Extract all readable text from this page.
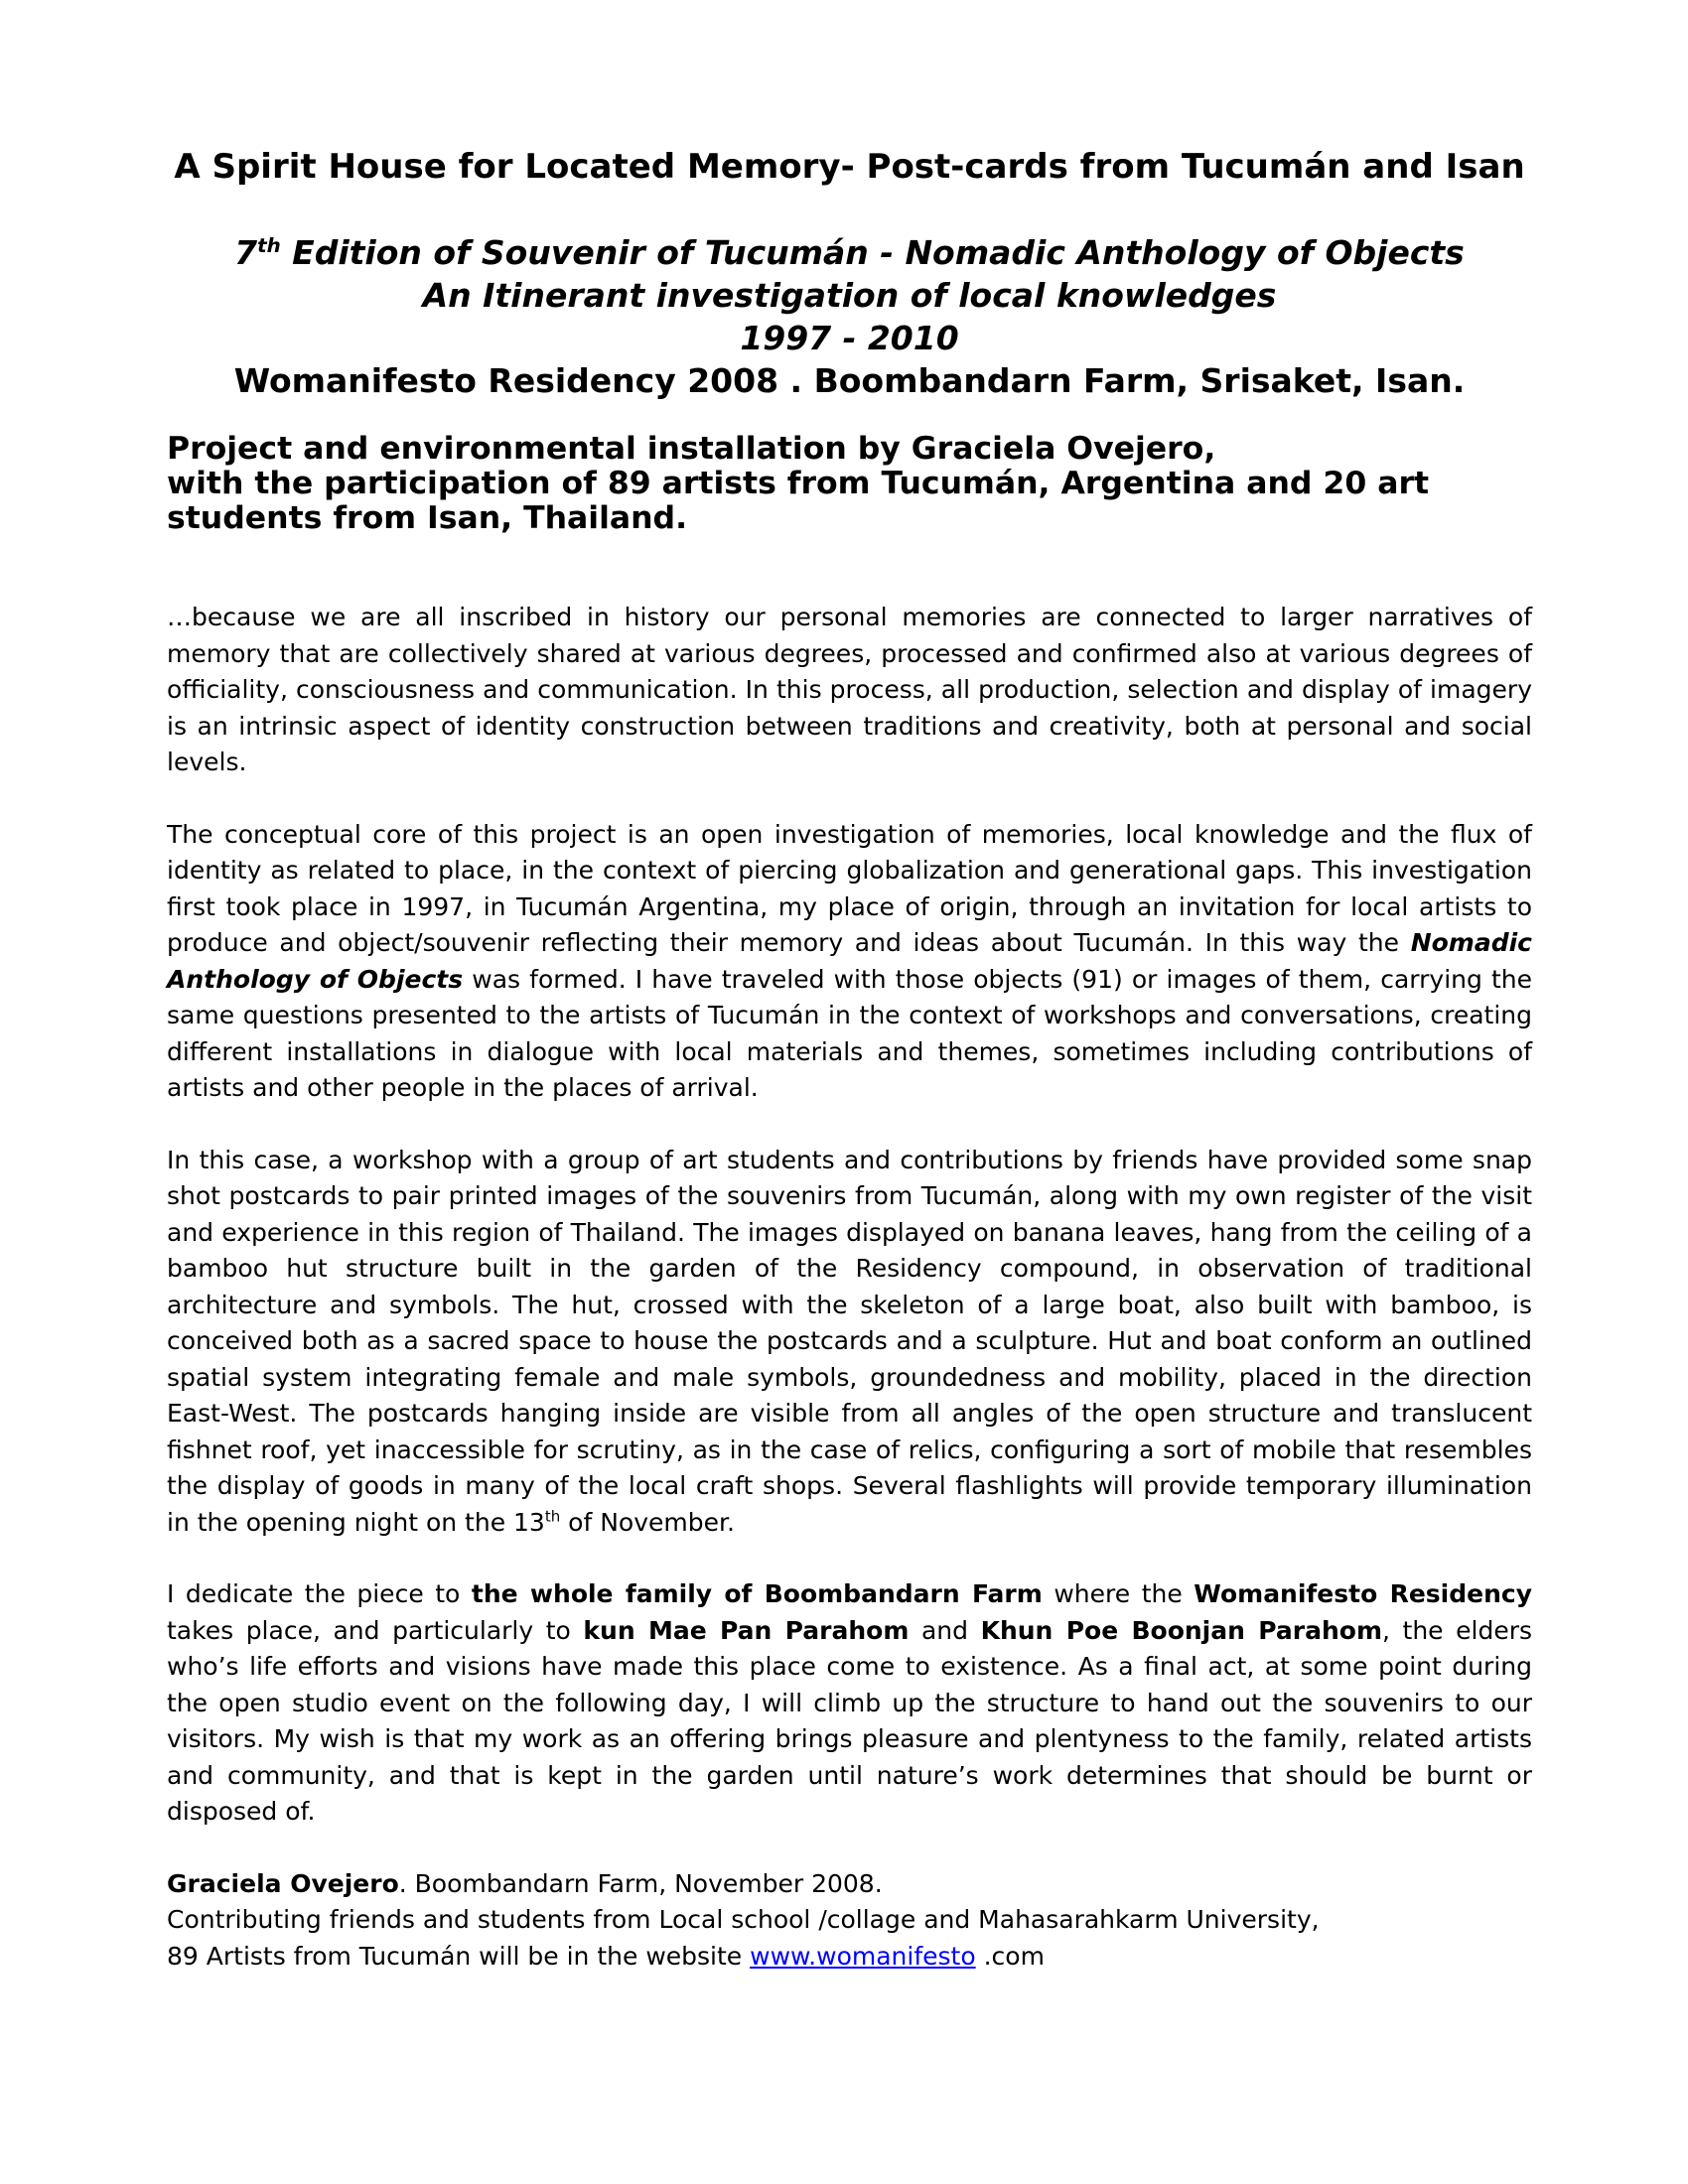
A Spirit House for Located Memory- Post-cards from Tucumán and Isan
7th Edition of Souvenir of Tucumán - Nomadic Anthology of Objects
An Itinerant investigation of local knowledges
1997 - 2010
Womanifesto Residency 2008 . Boombandarn Farm, Srisaket, Isan.
Project and environmental installation by Graciela Ovejero,
with the participation of 89 artists from Tucumán, Argentina and 20 art
students from Isan, Thailand.

…because we are all inscribed in history our personal memories are connected to larger narratives of memory that are collectively shared at various degrees, processed and confirmed also at various degrees of officiality, consciousness and communication. In this process, all production, selection and display of imagery is an intrinsic aspect of identity construction between traditions and creativity, both at personal and social levels.

The conceptual core of this project is an open investigation of memories, local knowledge and the flux of identity as related to place, in the context of piercing globalization and generational gaps. This investigation first took place in 1997, in Tucumán Argentina, my place of origin, through an invitation for local artists to produce and object/souvenir reflecting their memory and ideas about Tucumán. In this way the Nomadic Anthology of Objects was formed. I have traveled with those objects (91) or images of them, carrying the same questions presented to the artists of Tucumán in the context of workshops and conversations, creating different installations in dialogue with local materials and themes, sometimes including contributions of artists and other people in the places of arrival.

In this case, a workshop with a group of art students and contributions by friends have provided some snap shot postcards to pair printed images of the souvenirs from Tucumán, along with my own register of the visit and experience in this region of Thailand. The images displayed on banana leaves, hang from the ceiling of a bamboo hut structure built in the garden of the Residency compound, in observation of traditional architecture and symbols. The hut, crossed with the skeleton of a large boat, also built with bamboo, is conceived both as a sacred space to house the postcards and a sculpture. Hut and boat conform an outlined spatial system integrating female and male symbols, groundedness and mobility, placed in the direction East-West. The postcards hanging inside are visible from all angles of the open structure and translucent fishnet roof, yet inaccessible for scrutiny, as in the case of relics, configuring a sort of mobile that resembles the display of goods in many of the local craft shops. Several flashlights will provide temporary illumination in the opening night on the 13th of November.

I dedicate the piece to the whole family of Boombandarn Farm where the Womanifesto Residency takes place, and particularly to kun Mae Pan Parahom and Khun Poe Boonjan Parahom, the elders who’s life efforts and visions have made this place come to existence. As a final act, at some point during the open studio event on the following day, I will climb up the structure to hand out the souvenirs to our visitors. My wish is that my work as an offering brings pleasure and plentyness to the family, related artists and community, and that is kept in the garden until nature’s work determines that should be burnt or disposed of.

Graciela Ovejero. Boombandarn Farm, November 2008.
Contributing friends and students from Local school /collage and Mahasarahkarm University,
89 Artists from Tucumán will be in the website www.womanifesto .com
